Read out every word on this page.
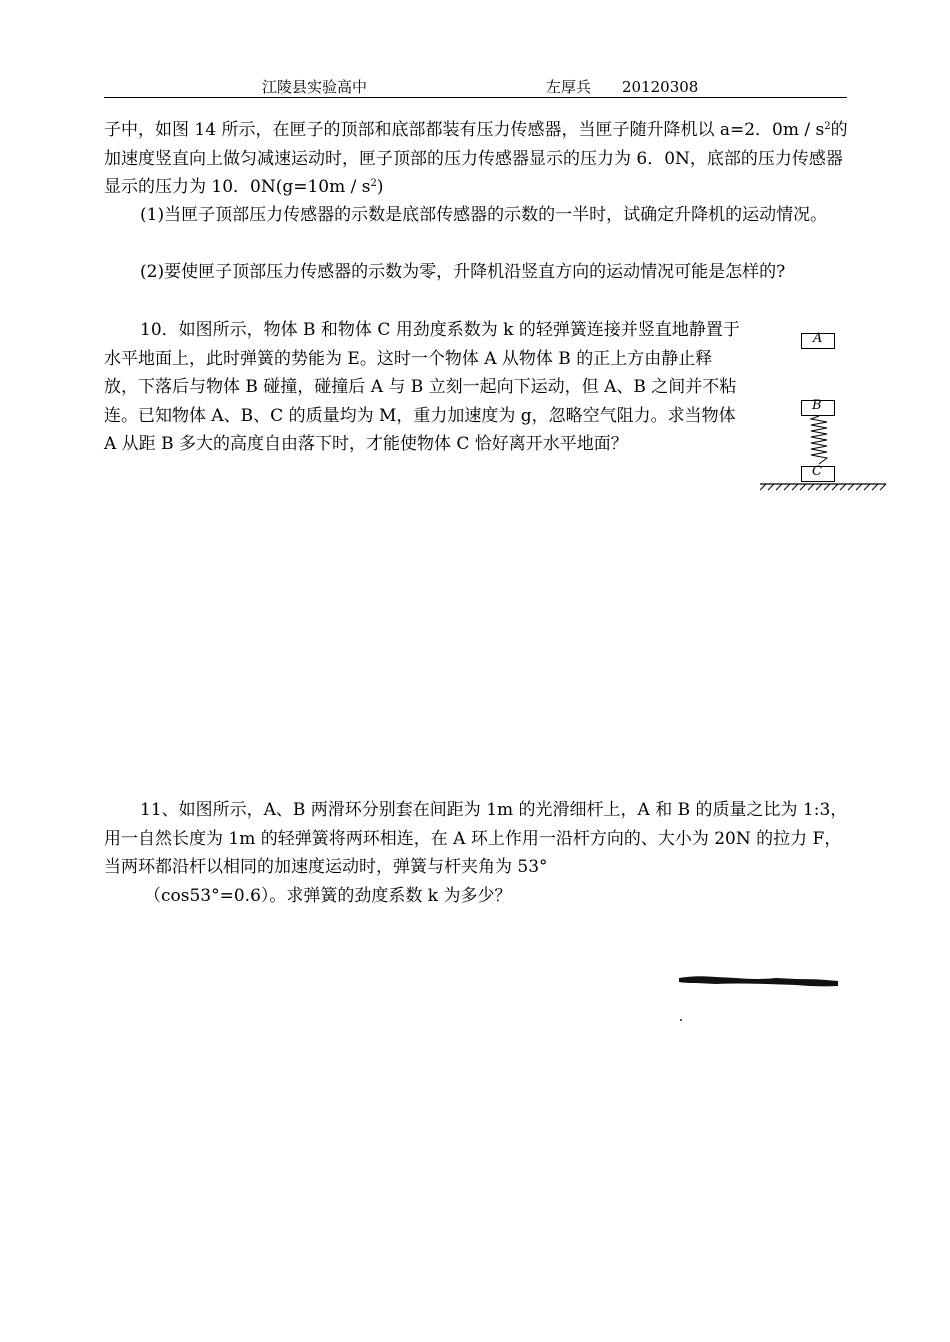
江陵县实验高中	左厚兵 20120308

子中，如图 14 所示，在匣子的顶部和底部都装有压力传感器，当匣子随升降机以 a=2．$0m / s^2$的加速度竖直向上做匀减速运动时，匣子顶部的压力传感器显示的压力为 6．0N，底部的压力传感器显示的压力为 10．$0N(g=10m / s^2)$

(1)当匣子顶部压力传感器的示数是底部传感器的示数的一半时，试确定升降机的运动情况。

(2)要使匣子顶部压力传感器的示数为零，升降机沿竖直方向的运动情况可能是怎样的?

10．如图所示，物体 B 和物体 C 用劲度系数为 k 的轻弹簧连接并竖直地静置于水平地面上，此时弹簧的势能为 E。这时一个物体 A 从物体 B 的正上方由静止释放，下落后与物体 B 碰撞，碰撞后 A 与 B 立刻一起向下运动，但 A、B 之间并不粘连。已知物体 A、B、C 的质量均为 M，重力加速度为 g，忽略空气阻力。求当物体 A 从距 B 多大的高度自由落下时，才能使物体 C 恰好离开水平地面？

A
B
C

11、如图所示，A、B 两滑环分别套在间距为 1m 的光滑细杆上，A 和 B 的质量之比为 1:3，用一自然长度为 1m 的轻弹簧将两环相连，在 A 环上作用一沿杆方向的、大小为 20N 的拉力 F，当两环都沿杆以相同的加速度运动时，弹簧与杆夹角为 53°

（cos53°=0.6）。求弹簧的劲度系数 k 为多少？
